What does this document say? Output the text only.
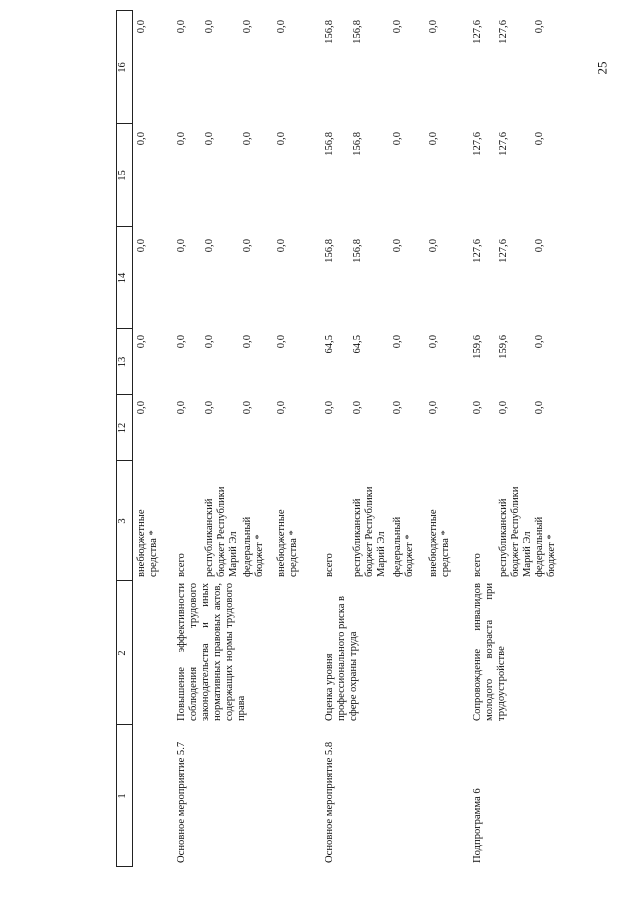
25
1
2
3
12
13
14
15
16
внебюджетные средства *
0,0
0,0
0,0
0,0
0,0
Основное мероприятие 5.7
Повышение эффективности соблюдения трудового законодательства и иных нормативных правовых актов, содержащих нормы трудового права
всего
0,0
0,0
0,0
0,0
0,0
республиканский бюджет Республики Марий Эл
0,0
0,0
0,0
0,0
0,0
федеральный бюджет *
0,0
0,0
0,0
0,0
0,0
внебюджетные средства *
0,0
0,0
0,0
0,0
0,0
Основное мероприятие 5.8
Оценка уровня профессионального риска в сфере охраны труда
всего
0,0
64,5
156,8
156,8
156,8
республиканский бюджет Республики Марий Эл
0,0
64,5
156,8
156,8
156,8
федеральный бюджет *
0,0
0,0
0,0
0,0
0,0
внебюджетные средства *
0,0
0,0
0,0
0,0
0,0
Подпрограмма 6
Сопровождение инвалидов молодого возраста при трудоустройстве
всего
0,0
159,6
127,6
127,6
127,6
республиканский бюджет Республики Марий Эл
0,0
159,6
127,6
127,6
127,6
федеральный бюджет *
0,0
0,0
0,0
0,0
0,0
